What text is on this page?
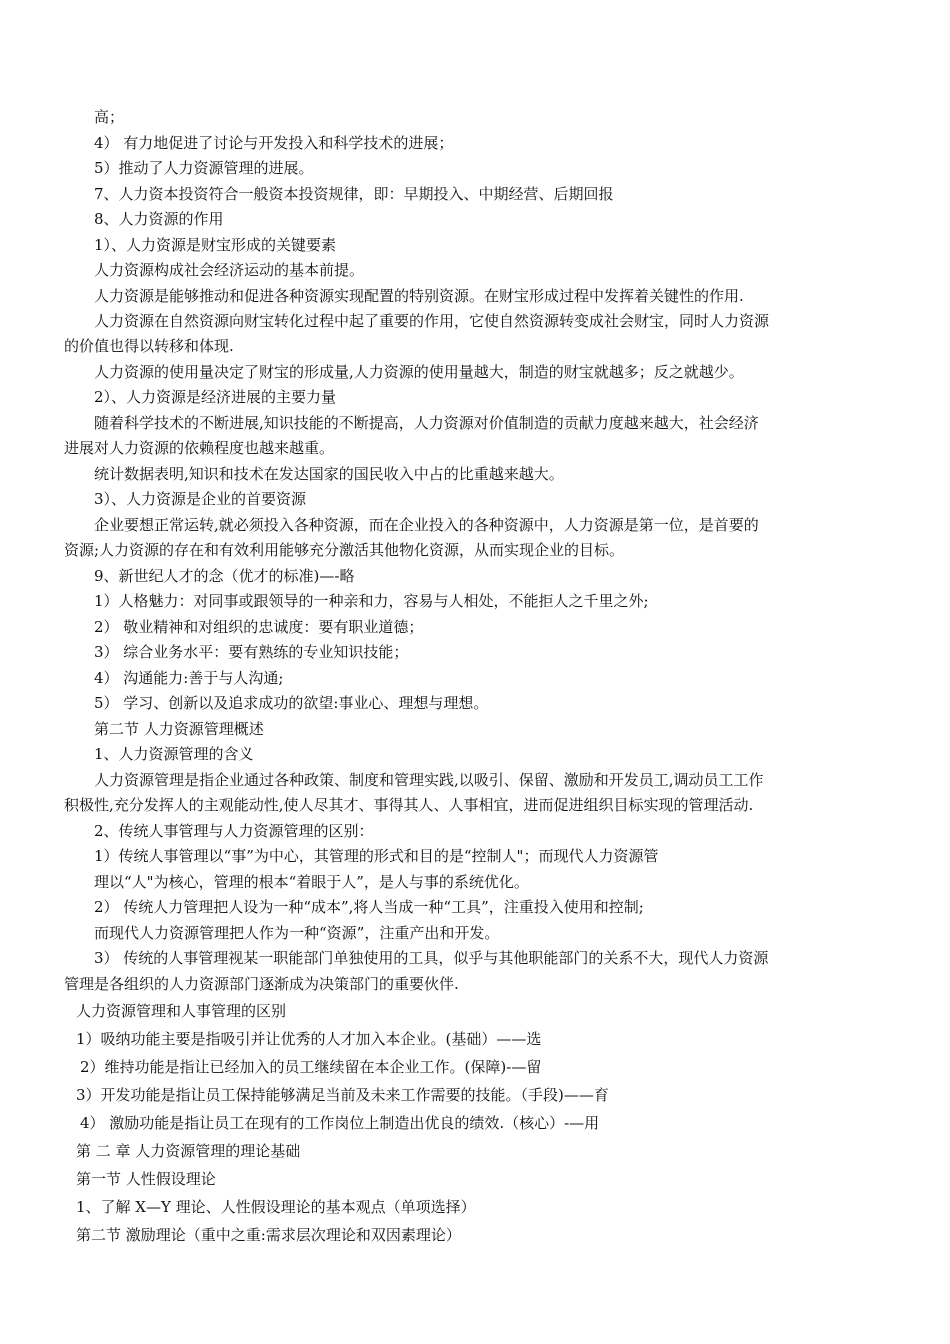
高；
4） 有力地促进了讨论与开发投入和科学技术的进展；
5）推动了人力资源管理的进展。
7、人力资本投资符合一般资本投资规律，即：早期投入、中期经营、后期回报
8、人力资源的作用
1）、人力资源是财宝形成的关键要素
人力资源构成社会经济运动的基本前提。
人力资源是能够推动和促进各种资源实现配置的特别资源。在财宝形成过程中发挥着关键性的作用.
人力资源在自然资源向财宝转化过程中起了重要的作用，它使自然资源转变成社会财宝，同时人力资源
的价值也得以转移和体现.
人力资源的使用量决定了财宝的形成量,人力资源的使用量越大，制造的财宝就越多；反之就越少。
2）、人力资源是经济进展的主要力量
随着科学技术的不断进展,知识技能的不断提高，人力资源对价值制造的贡献力度越来越大，社会经济
进展对人力资源的依赖程度也越来越重。
统计数据表明,知识和技术在发达国家的国民收入中占的比重越来越大。
3）、人力资源是企业的首要资源
企业要想正常运转,就必须投入各种资源，而在企业投入的各种资源中，人力资源是第一位，是首要的
资源;人力资源的存在和有效利用能够充分激活其他物化资源，从而实现企业的目标。
9、新世纪人才的念（优才的标准)—-略
1）人格魅力：对同事或跟领导的一种亲和力，容易与人相处，不能拒人之千里之外;
2） 敬业精神和对组织的忠诚度：要有职业道德；
3） 综合业务水平：要有熟练的专业知识技能；
4） 沟通能力:善于与人沟通;
5） 学习、创新以及追求成功的欲望:事业心、理想与理想。
第二节 人力资源管理概述
1、人力资源管理的含义
人力资源管理是指企业通过各种政策、制度和管理实践,以吸引、保留、激励和开发员工,调动员工工作
积极性,充分发挥人的主观能动性,使人尽其才、事得其人、人事相宜，进而促进组织目标实现的管理活动.
2、传统人事管理与人力资源管理的区别：
1）传统人事管理以“事”为中心，其管理的形式和目的是“控制人"；而现代人力资源管
理以“人"为核心，管理的根本“着眼于人”，是人与事的系统优化。
2） 传统人力管理把人设为一种“成本”,将人当成一种“工具”，注重投入使用和控制;
而现代人力资源管理把人作为一种“资源”，注重产出和开发。
3） 传统的人事管理视某一职能部门单独使用的工具，似乎与其他职能部门的关系不大，现代人力资源
管理是各组织的人力资源部门逐渐成为决策部门的重要伙伴.
人力资源管理和人事管理的区别
1）吸纳功能主要是指吸引并让优秀的人才加入本企业。(基础）——选
2）维持功能是指让已经加入的员工继续留在本企业工作。(保障)-—留
3）开发功能是指让员工保持能够满足当前及未来工作需要的技能。（手段)——育
4） 激励功能是指让员工在现有的工作岗位上制造出优良的绩效.（核心）-—用
第 二 章 人力资源管理的理论基础
第一节 人性假设理论
1、了解 X—Y 理论、人性假设理论的基本观点（单项选择）
第二节 激励理论（重中之重:需求层次理论和双因素理论）
